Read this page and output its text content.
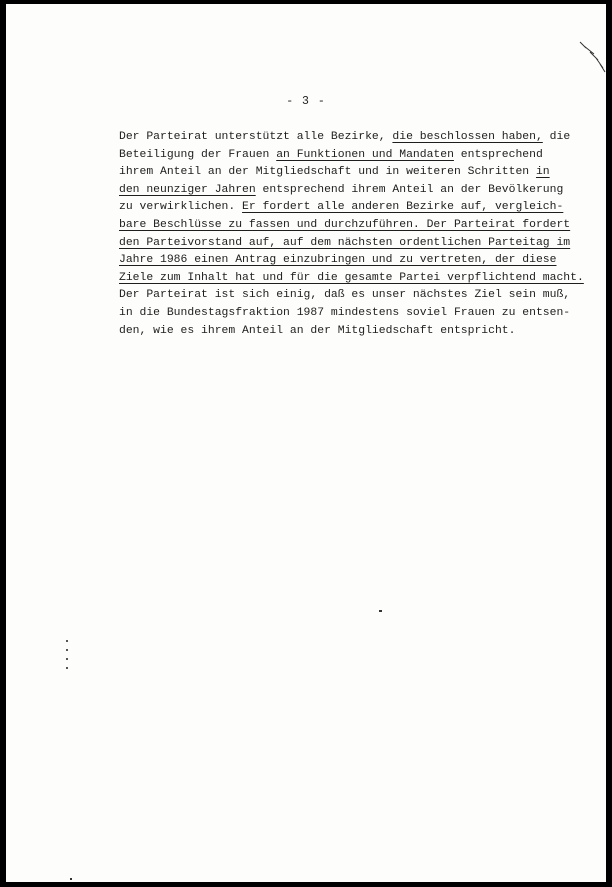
- 3 -
Der Parteirat unterstützt alle Bezirke, die beschlossen haben, die
Beteiligung der Frauen an Funktionen und Mandaten entsprechend
ihrem Anteil an der Mitgliedschaft und in weiteren Schritten in
den neunziger Jahren entsprechend ihrem Anteil an der Bevölkerung
zu verwirklichen. Er fordert alle anderen Bezirke auf, vergleich-
bare Beschlüsse zu fassen und durchzuführen. Der Parteirat fordert
den Parteivorstand auf, auf dem nächsten ordentlichen Parteitag im
Jahre 1986 einen Antrag einzubringen und zu vertreten, der diese
Ziele zum Inhalt hat und für die gesamte Partei verpflichtend macht.
Der Parteirat ist sich einig, daß es unser nächstes Ziel sein muß,
in die Bundestagsfraktion 1987 mindestens soviel Frauen zu entsen-
den, wie es ihrem Anteil an der Mitgliedschaft entspricht.
